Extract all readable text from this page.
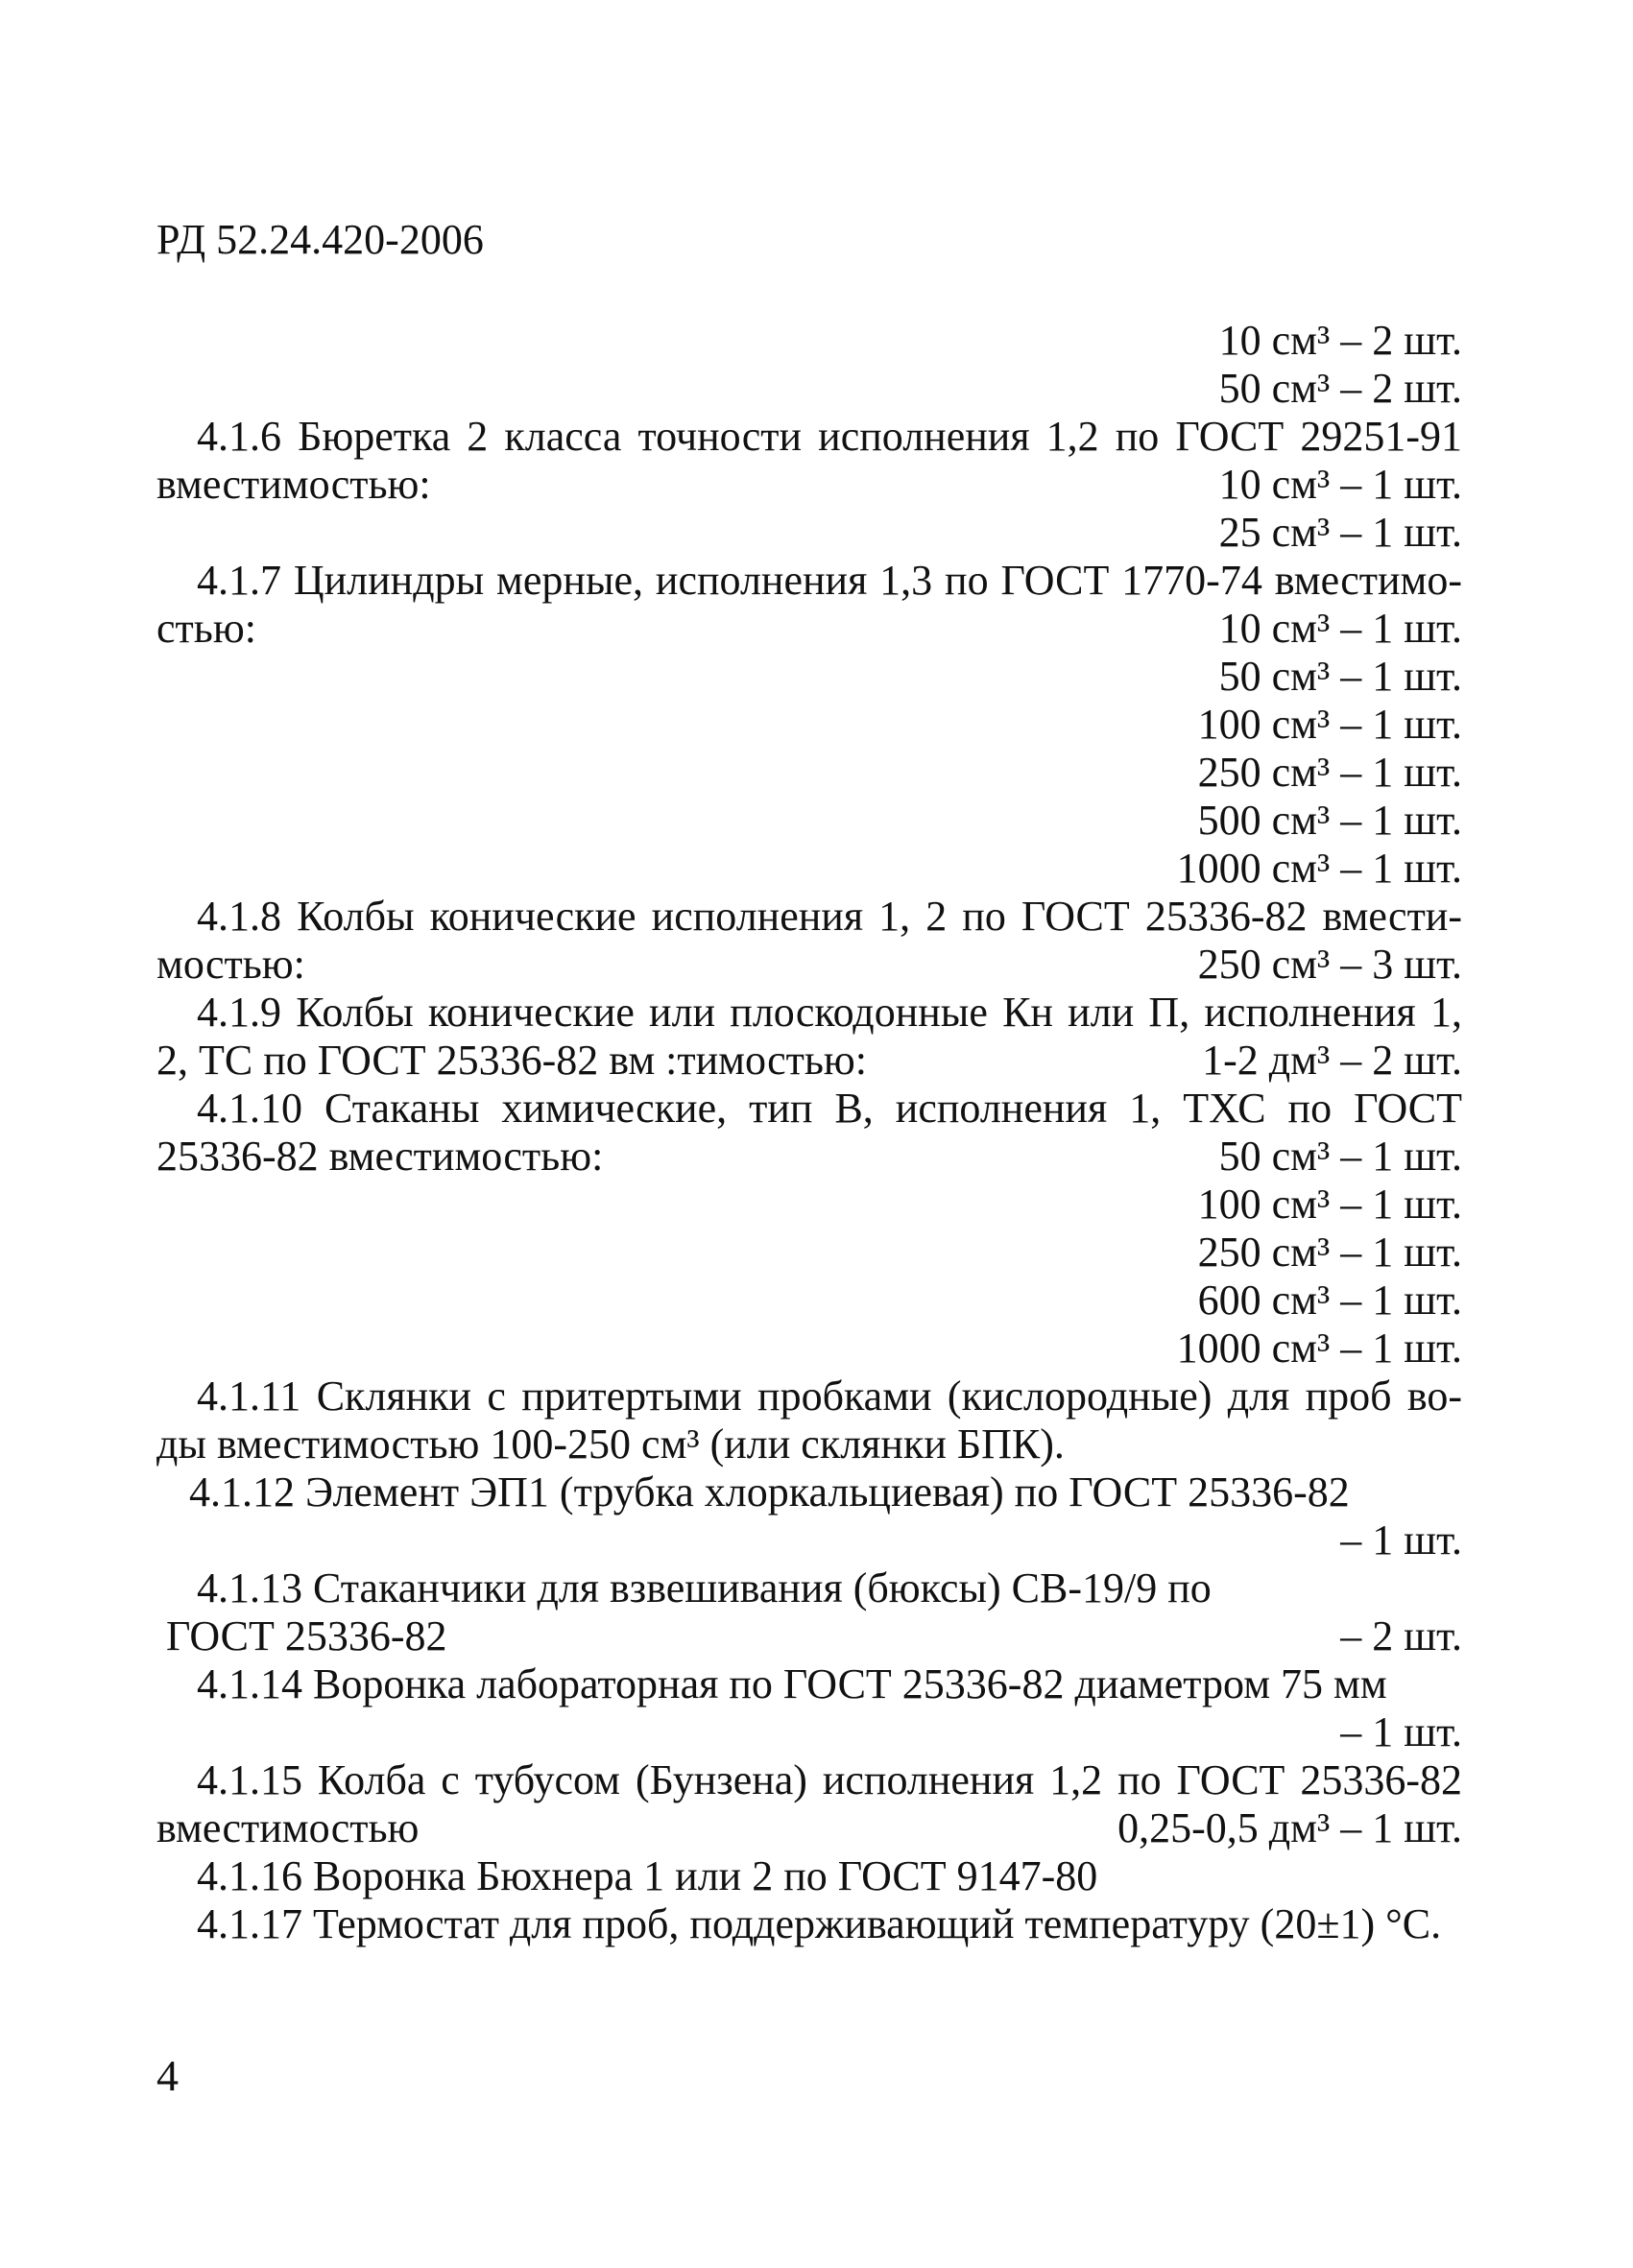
РД 52.24.420-2006
10 см³ – 2 шт.
50 см³ – 2 шт.
4.1.6 Бюретка 2 класса точности исполнения 1,2 по ГОСТ 29251-91
вместимостью:	10 см³ – 1 шт.
25 см³ – 1 шт.
4.1.7 Цилиндры мерные, исполнения 1,3 по ГОСТ 1770-74 вместимо-
стью:	10 см³ – 1 шт.
50 см³ – 1 шт.
100 см³ – 1 шт.
250 см³ – 1 шт.
500 см³ – 1 шт.
1000 см³ – 1 шт.
4.1.8 Колбы конические исполнения 1, 2 по ГОСТ 25336-82 вмести-
мостью:	250 см³ – 3 шт.
4.1.9 Колбы конические или плоскодонные Кн или П, исполнения 1,
2, ТС по ГОСТ 25336-82 вм :тимостью:	1-2 дм³ – 2 шт.
4.1.10 Стаканы химические, тип В, исполнения 1, ТХС по ГОСТ
25336-82 вместимостью:	50 см³ – 1 шт.
100 см³ – 1 шт.
250 см³ – 1 шт.
600 см³ – 1 шт.
1000 см³ – 1 шт.
4.1.11 Склянки с притертыми пробками (кислородные) для проб во-
ды вместимостью 100-250 см³ (или склянки БПК).
4.1.12 Элемент ЭП1 (трубка хлоркальциевая) по ГОСТ 25336-82
– 1 шт.
4.1.13 Стаканчики для взвешивания (бюксы) СВ-19/9 по
ГОСТ 25336-82	– 2 шт.
4.1.14 Воронка лабораторная по ГОСТ 25336-82 диаметром 75 мм
– 1 шт.
4.1.15 Колба с тубусом (Бунзена) исполнения 1,2 по ГОСТ 25336-82
вместимостью	0,25-0,5 дм³ – 1 шт.
4.1.16 Воронка Бюхнера 1 или 2 по ГОСТ 9147-80
4.1.17 Термостат для проб, поддерживающий температуру (20±1) °С.
4
